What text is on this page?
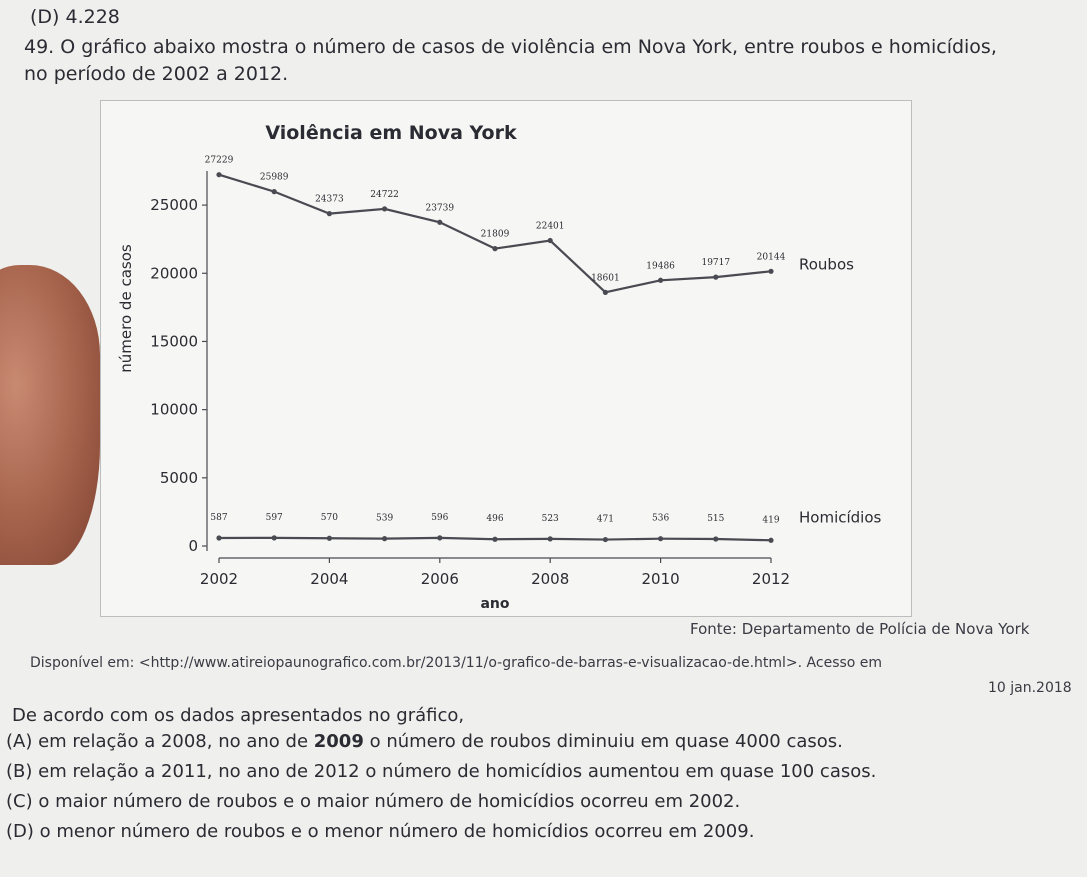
(D) 4.228
49. O gráfico abaixo mostra o número de casos de violência em Nova York, entre roubos e homicídios,
no período de 2002 a 2012.
Violência em Nova York
0
5000
10000
15000
20000
25000
2002	2004	2006	2008	2010	2012
ano
número de casos
27229
25989
24373	24722
23739
21809
22401
18601
19486	19717
20144 Roubos
587	597	570	539	596	496	523	471	536	515	419 Homicídios
Fonte: Departamento de Polícia de Nova York
Disponível em: <http://www.atireiopaunografico.com.br/2013/11/o-grafico-de-barras-e-visualizacao-de.html>. Acesso em
10 jan.2018
De acordo com os dados apresentados no gráfico,
(A) em relação a 2008, no ano de 2009 o número de roubos diminuiu em quase 4000 casos.
(B) em relação a 2011, no ano de 2012 o número de homicídios aumentou em quase 100 casos.
(C) o maior número de roubos e o maior número de homicídios ocorreu em 2002.
(D) o menor número de roubos e o menor número de homicídios ocorreu em 2009.
